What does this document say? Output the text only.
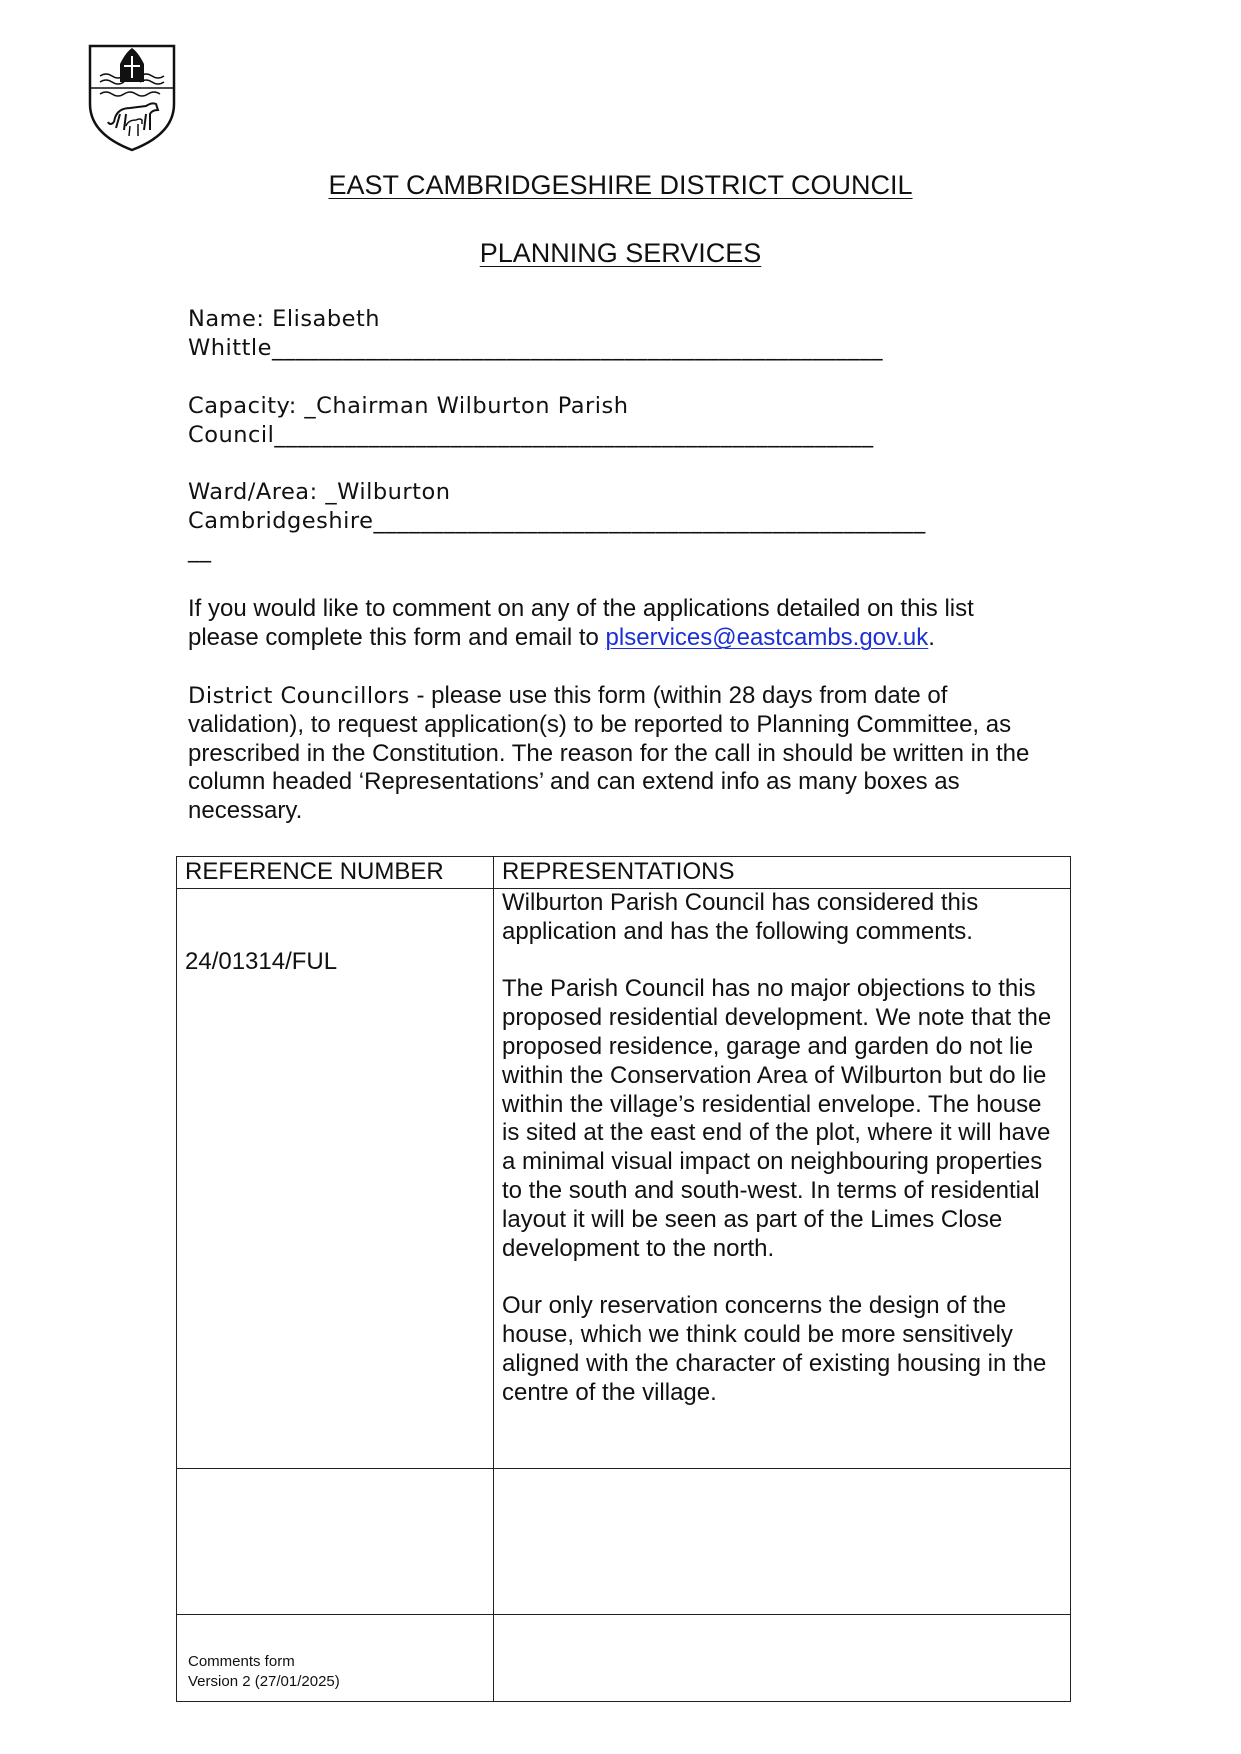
EAST CAMBRIDGESHIRE DISTRICT COUNCIL
PLANNING SERVICES
Name: Elisabeth
Whittle____________________________________________________
Capacity: _Chairman Wilburton Parish
Council___________________________________________________
Ward/Area: _Wilburton
Cambridgeshire_______________________________________________
__
If you would like to comment on any of the applications detailed on this list
please complete this form and email to plservices@eastcambs.gov.uk.
District Councillors - please use this form (within 28 days from date of validation), to request application(s) to be reported to Planning Committee, as prescribed in the Constitution. The reason for the call in should be written in the column headed ‘Representations’ and can extend info as many boxes as necessary.
REFERENCE NUMBER	REPRESENTATIONS
24/01314/FUL	Wilburton Parish Council has considered this application and has the following comments.

The Parish Council has no major objections to this proposed residential development. We note that the proposed residence, garage and garden do not lie within the Conservation Area of Wilburton but do lie within the village’s residential envelope. The house is sited at the east end of the plot, where it will have a minimal visual impact on neighbouring properties to the south and south-west. In terms of residential layout it will be seen as part of the Limes Close development to the north.

Our only reservation concerns the design of the house, which we think could be more sensitively aligned with the character of existing housing in the centre of the village.

Comments form
Version 2 (27/01/2025)
